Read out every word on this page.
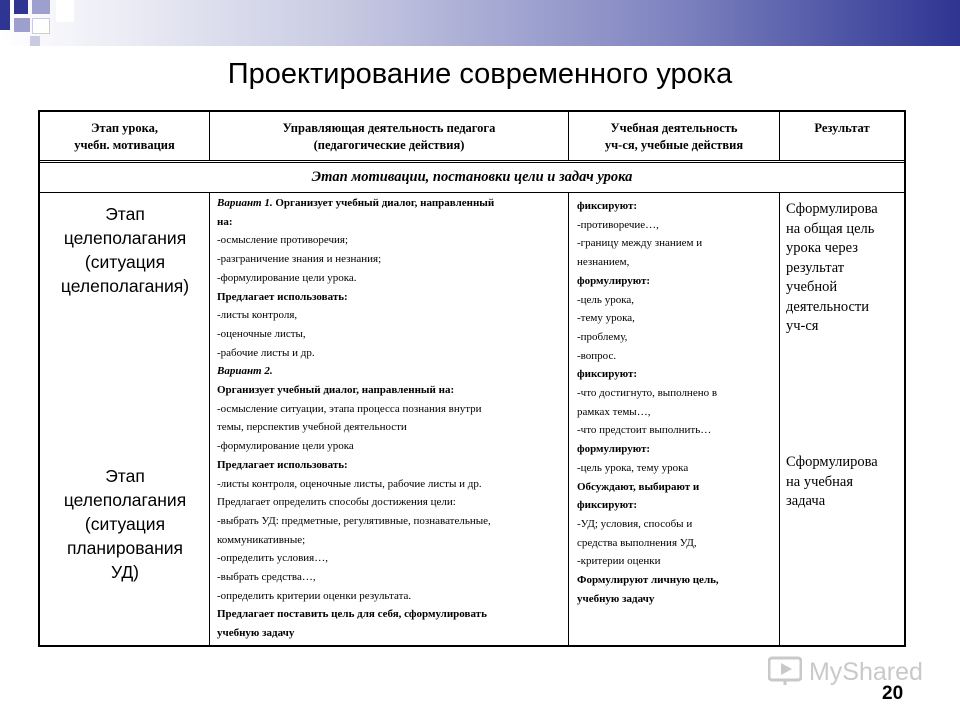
Проектирование современного урока
Этап урока,
учебн. мотивация
Управляющая деятельность педагога
(педагогические действия)
Учебная деятельность
уч-ся, учебные действия
Результат
Этап мотивации, постановки цели и задач урока
Этап
целеполагания
(ситуация
целеполагания)
Этап
целеполагания
(ситуация
планирования
УД)
Вариант 1. Организует учебный диалог, направленный
на:
-осмысление противоречия;
-разграничение знания и незнания;
-формулирование цели урока.
Предлагает использовать:
-листы контроля,
-оценочные листы,
-рабочие листы и др.
Вариант 2.
Организует учебный диалог, направленный на:
-осмысление ситуации, этапа процесса познания внутри
темы, перспектив учебной деятельности
-формулирование цели урока
Предлагает использовать:
-листы контроля, оценочные листы, рабочие листы и др.
Предлагает определить способы достижения цели:
-выбрать УД: предметные, регулятивные, познавательные,
коммуникативные;
-определить условия…,
-выбрать средства…,
-определить критерии оценки результата.
Предлагает поставить цель для себя, сформулировать
учебную задачу
фиксируют:
-противоречие…,
-границу между знанием и
незнанием,
формулируют:
-цель урока,
-тему урока,
-проблему,
-вопрос.
фиксируют:
-что достигнуто, выполнено в
рамках темы…,
-что предстоит выполнить…
формулируют:
-цель урока, тему урока
Обсуждают, выбирают и
фиксируют:
-УД; условия, способы и
средства выполнения УД,
-критерии оценки
Формулируют личную цель,
учебную задачу
Сформулирова
на общая цель
урока через
результат
учебной
деятельности
уч-ся
Сформулирова
на учебная
задача
MyShared
20
